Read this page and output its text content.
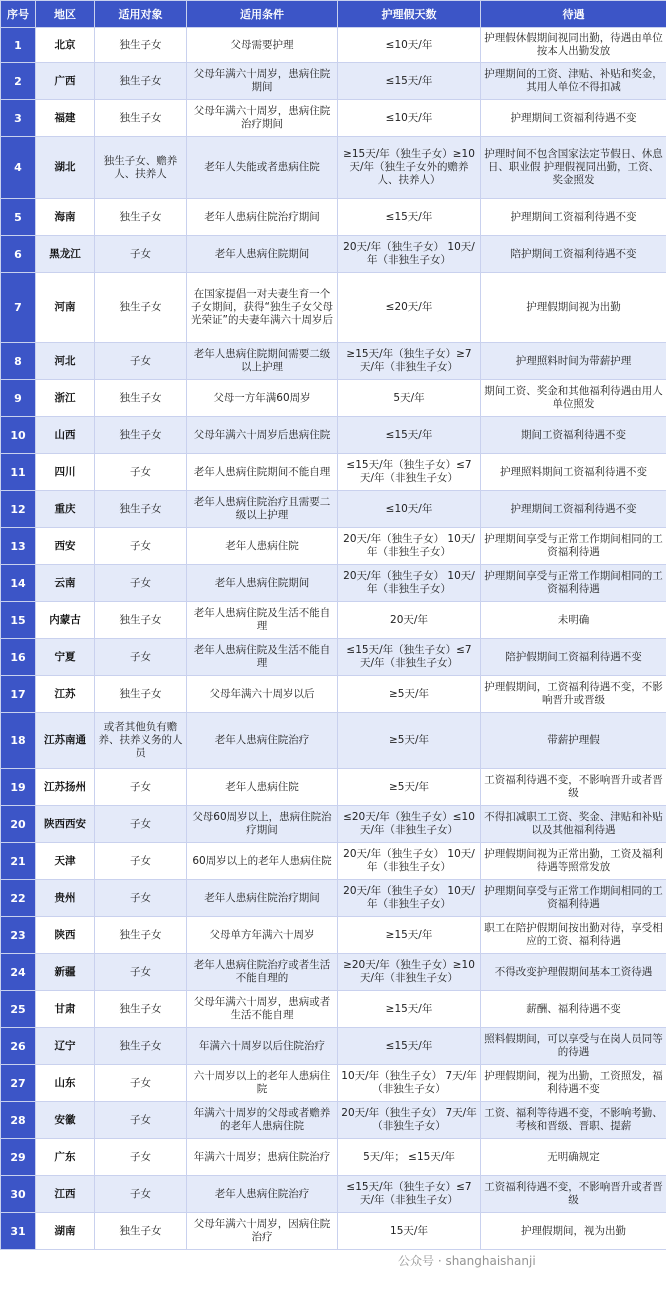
序号	地区	适用对象	适用条件	护理假天数	待遇
1	北京	独生子女	父母需要护理	≤10天/年	护理假休假期间视同出勤，待遇由单位按本人出勤发放
2	广西	独生子女	父母年满六十周岁，患病住院期间	≤15天/年	护理期间的工资、津贴、补贴和奖金，其用人单位不得扣减
3	福建	独生子女	父母年满六十周岁，患病住院治疗期间	≤10天/年	护理期间工资福利待遇不变
4	湖北	独生子女、赡养人、扶养人	老年人失能或者患病住院	≥15天/年（独生子女）≥10天/年（独生子女外的赡养人、扶养人）	护理时间不包含国家法定节假日、休息日、职业假 护理假视同出勤，工资、奖金照发
5	海南	独生子女	老年人患病住院治疗期间	≤15天/年	护理期间工资福利待遇不变
6	黑龙江	子女	老年人患病住院期间	20天/年（独生子女） 10天/年（非独生子女）	陪护期间工资福利待遇不变
7	河南	独生子女	在国家提倡一对夫妻生育一个子女期间，获得“独生子女父母光荣证”的夫妻年满六十周岁后	≤20天/年	护理假期间视为出勤
8	河北	子女	老年人患病住院期间需要二级以上护理	≥15天/年（独生子女）≥7天/年（非独生子女）	护理照料时间为带薪护理
9	浙江	独生子女	父母一方年满60周岁	5天/年	期间工资、奖金和其他福利待遇由用人单位照发
10	山西	独生子女	父母年满六十周岁后患病住院	≤15天/年	期间工资福利待遇不变
11	四川	子女	老年人患病住院期间不能自理	≤15天/年（独生子女）≤7天/年（非独生子女）	护理照料期间工资福利待遇不变
12	重庆	独生子女	老年人患病住院治疗且需要二级以上护理	≤10天/年	护理期间工资福利待遇不变
13	西安	子女	老年人患病住院	20天/年（独生子女） 10天/年（非独生子女）	护理期间享受与正常工作期间相同的工资福利待遇
14	云南	子女	老年人患病住院期间	20天/年（独生子女） 10天/年（非独生子女）	护理期间享受与正常工作期间相同的工资福利待遇
15	内蒙古	独生子女	老年人患病住院及生活不能自理	20天/年	未明确
16	宁夏	子女	老年人患病住院及生活不能自理	≤15天/年（独生子女）≤7天/年（非独生子女）	陪护假期间工资福利待遇不变
17	江苏	独生子女	父母年满六十周岁以后	≥5天/年	护理假期间，工资福利待遇不变，不影响晋升或晋级
18	江苏南通	或者其他负有赡养、扶养义务的人员	老年人患病住院治疗	≥5天/年	带薪护理假
19	江苏扬州	子女	老年人患病住院	≥5天/年	工资福利待遇不变，不影响晋升或者晋级
20	陕西西安	子女	父母60周岁以上，患病住院治疗期间	≤20天/年（独生子女）≤10天/年（非独生子女）	不得扣减职工工资、奖金、津贴和补贴以及其他福利待遇
21	天津	子女	60周岁以上的老年人患病住院	20天/年（独生子女） 10天/年（非独生子女）	护理假期间视为正常出勤，工资及福利待遇等照常发放
22	贵州	子女	老年人患病住院治疗期间	20天/年（独生子女） 10天/年（非独生子女）	护理期间享受与正常工作期间相同的工资福利待遇
23	陕西	独生子女	父母单方年满六十周岁	≥15天/年	职工在陪护假期间按出勤对待，享受相应的工资、福利待遇
24	新疆	子女	老年人患病住院治疗或者生活不能自理的	≥20天/年（独生子女）≥10天/年（非独生子女）	不得改变护理假期间基本工资待遇
25	甘肃	独生子女	父母年满六十周岁，患病或者生活不能自理	≥15天/年	薪酬、福利待遇不变
26	辽宁	独生子女	年满六十周岁以后住院治疗	≤15天/年	照料假期间，可以享受与在岗人员同等的待遇
27	山东	子女	六十周岁以上的老年人患病住院	10天/年（独生子女） 7天/年（非独生子女）	护理假期间，视为出勤，工资照发，福利待遇不变
28	安徽	子女	年满六十周岁的父母或者赡养的老年人患病住院	20天/年（独生子女） 7天/年（非独生子女）	工资、福利等待遇不变，不影响考勤、考核和晋级、晋职、提薪
29	广东	子女	年满六十周岁；患病住院治疗	5天/年； ≤15天/年	无明确规定
30	江西	子女	老年人患病住院治疗	≤15天/年（独生子女）≤7天/年（非独生子女）	工资福利待遇不变，不影响晋升或者晋级
31	湖南	独生子女	父母年满六十周岁，因病住院治疗	15天/年	护理假期间，视为出勤
公众号 · shanghaishanji
